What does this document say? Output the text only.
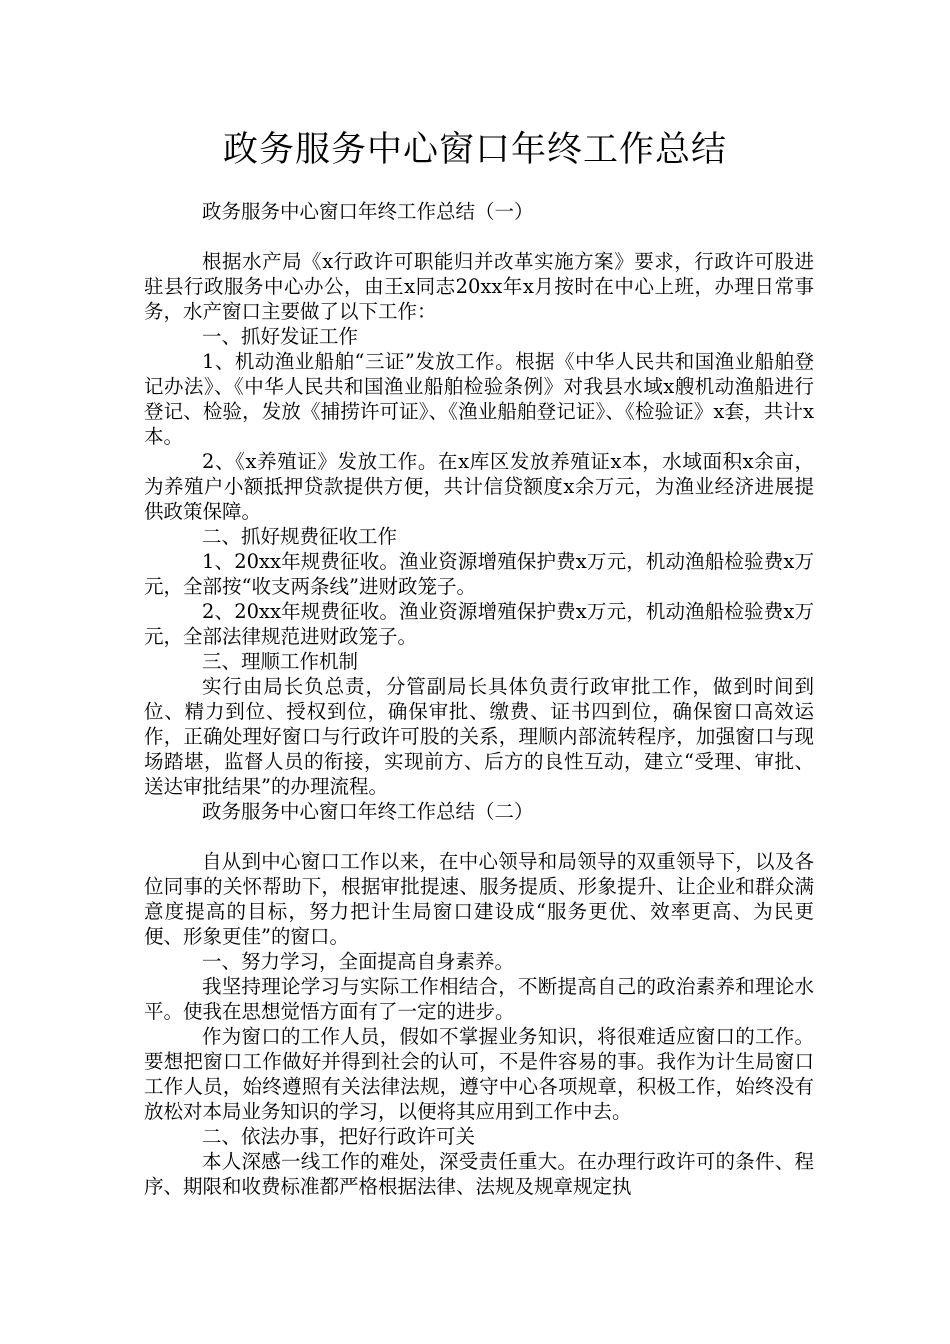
政务服务中心窗口年终工作总结

政务服务中心窗口年终工作总结（一）

根据水产局《x行政许可职能归并改革实施方案》要求，行政许可股进驻县行政服务中心办公，由王x同志20xx年x月按时在中心上班，办理日常事务，水产窗口主要做了以下工作：

一、抓好发证工作

1、机动渔业船舶“三证”发放工作。根据《中华人民共和国渔业船舶登记办法》、《中华人民共和国渔业船舶检验条例》对我县水域x艘机动渔船进行登记、检验，发放《捕捞许可证》、《渔业船舶登记证》、《检验证》x套，共计x本。

2、《x养殖证》发放工作。在x库区发放养殖证x本，水域面积x余亩，为养殖户小额抵押贷款提供方便，共计信贷额度x余万元，为渔业经济进展提供政策保障。

二、抓好规费征收工作

1、20xx年规费征收。渔业资源增殖保护费x万元，机动渔船检验费x万元，全部按“收支两条线”进财政笼子。

2、20xx年规费征收。渔业资源增殖保护费x万元，机动渔船检验费x万元，全部法律规范进财政笼子。

三、理顺工作机制

实行由局长负总责，分管副局长具体负责行政审批工作，做到时间到位、精力到位、授权到位，确保审批、缴费、证书四到位，确保窗口高效运作，正确处理好窗口与行政许可股的关系，理顺内部流转程序，加强窗口与现场踏堪，监督人员的衔接，实现前方、后方的良性互动，建立“受理、审批、送达审批结果”的办理流程。

政务服务中心窗口年终工作总结（二）

自从到中心窗口工作以来，在中心领导和局领导的双重领导下，以及各位同事的关怀帮助下，根据审批提速、服务提质、形象提升、让企业和群众满意度提高的目标，努力把计生局窗口建设成“服务更优、效率更高、为民更便、形象更佳”的窗口。

一、努力学习，全面提高自身素养。

我坚持理论学习与实际工作相结合，不断提高自己的政治素养和理论水平。使我在思想觉悟方面有了一定的进步。

作为窗口的工作人员，假如不掌握业务知识，将很难适应窗口的工作。要想把窗口工作做好并得到社会的认可，不是件容易的事。我作为计生局窗口工作人员，始终遵照有关法律法规，遵守中心各项规章，积极工作，始终没有放松对本局业务知识的学习，以便将其应用到工作中去。

二、依法办事，把好行政许可关

本人深感一线工作的难处，深受责任重大。在办理行政许可的条件、程序、期限和收费标准都严格根据法律、法规及规章规定执
